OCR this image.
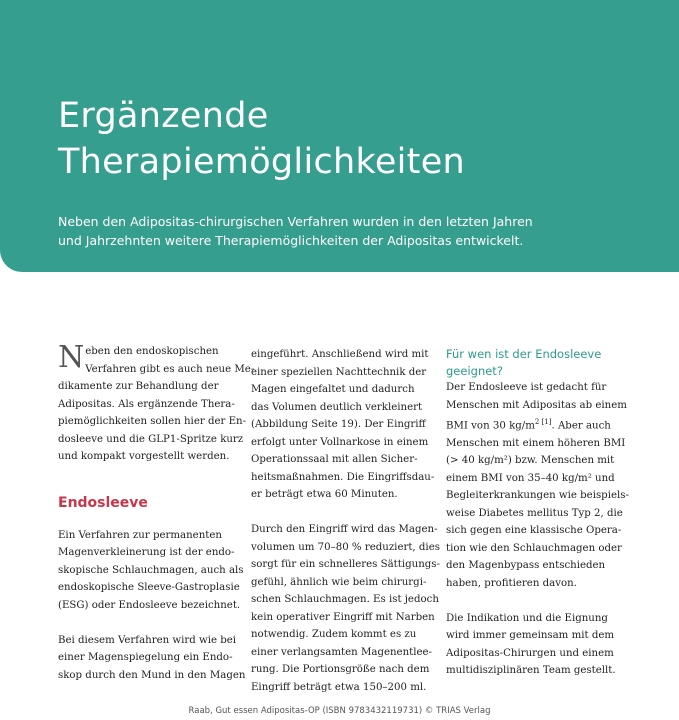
Ergänzende
Therapiemöglichkeiten

Neben den Adipositas-chirurgischen Verfahren wurden in den letzten Jahren
und Jahrzehnten weitere Therapiemöglichkeiten der Adipositas entwickelt.

N eben den endoskopischen

Verfahren gibt es auch neue Me-

dikamente zur Behandlung der

Adipositas. Als ergänzende Thera-

piemöglichkeiten sollen hier der En-

dosleeve und die GLP1-Spritze kurz

und kompakt vorgestellt werden.

Endosleeve

Ein Verfahren zur permanenten

Magenverkleinerung ist der endo-

skopische Schlauchmagen, auch als

endoskopische Sleeve-Gastroplasie

(ESG) oder Endosleeve bezeichnet.

Bei diesem Verfahren wird wie bei

einer Magenspiegelung ein Endo-

skop durch den Mund in den Magen

eingeführt. Anschließend wird mit

einer speziellen Nachttechnik der

Magen eingefaltet und dadurch

das Volumen deutlich verkleinert

(Abbildung Seite 19). Der Eingriff

erfolgt unter Vollnarkose in einem

Operationssaal mit allen Sicher-

heitsmaßnahmen. Die Eingriffsdau-

er beträgt etwa 60 Minuten.

Durch den Eingriff wird das Magen-

volumen um 70–80 % reduziert, dies

sorgt für ein schnelleres Sättigungs-

gefühl, ähnlich wie beim chirurgi-

schen Schlauchmagen. Es ist jedoch

kein operativer Eingriff mit Narben

notwendig. Zudem kommt es zu

einer verlangsamten Magenentlee-

rung. Die Portionsgröße nach dem

Eingriff beträgt etwa 150–200 ml.

Für wen ist der Endosleeve

geeignet?

Der Endosleeve ist gedacht für

Menschen mit Adipositas ab einem

BMI von 30 $kg/m^{2 [1]}$. Aber auch

Menschen mit einem höheren BMI

(> 40 kg/m²) bzw. Menschen mit

einem BMI von 35–40 kg/m² und

Begleiterkrankungen wie beispiels-

weise Diabetes mellitus Typ 2, die

sich gegen eine klassische Opera-

tion wie den Schlauchmagen oder

den Magenbypass entschieden

haben, profitieren davon.

Die Indikation und die Eignung

wird immer gemeinsam mit dem

Adipositas-Chirurgen und einem

multidisziplinären Team gestellt.

Raab, Gut essen Adipositas-OP (ISBN 9783432119731) © TRIAS Verlag
